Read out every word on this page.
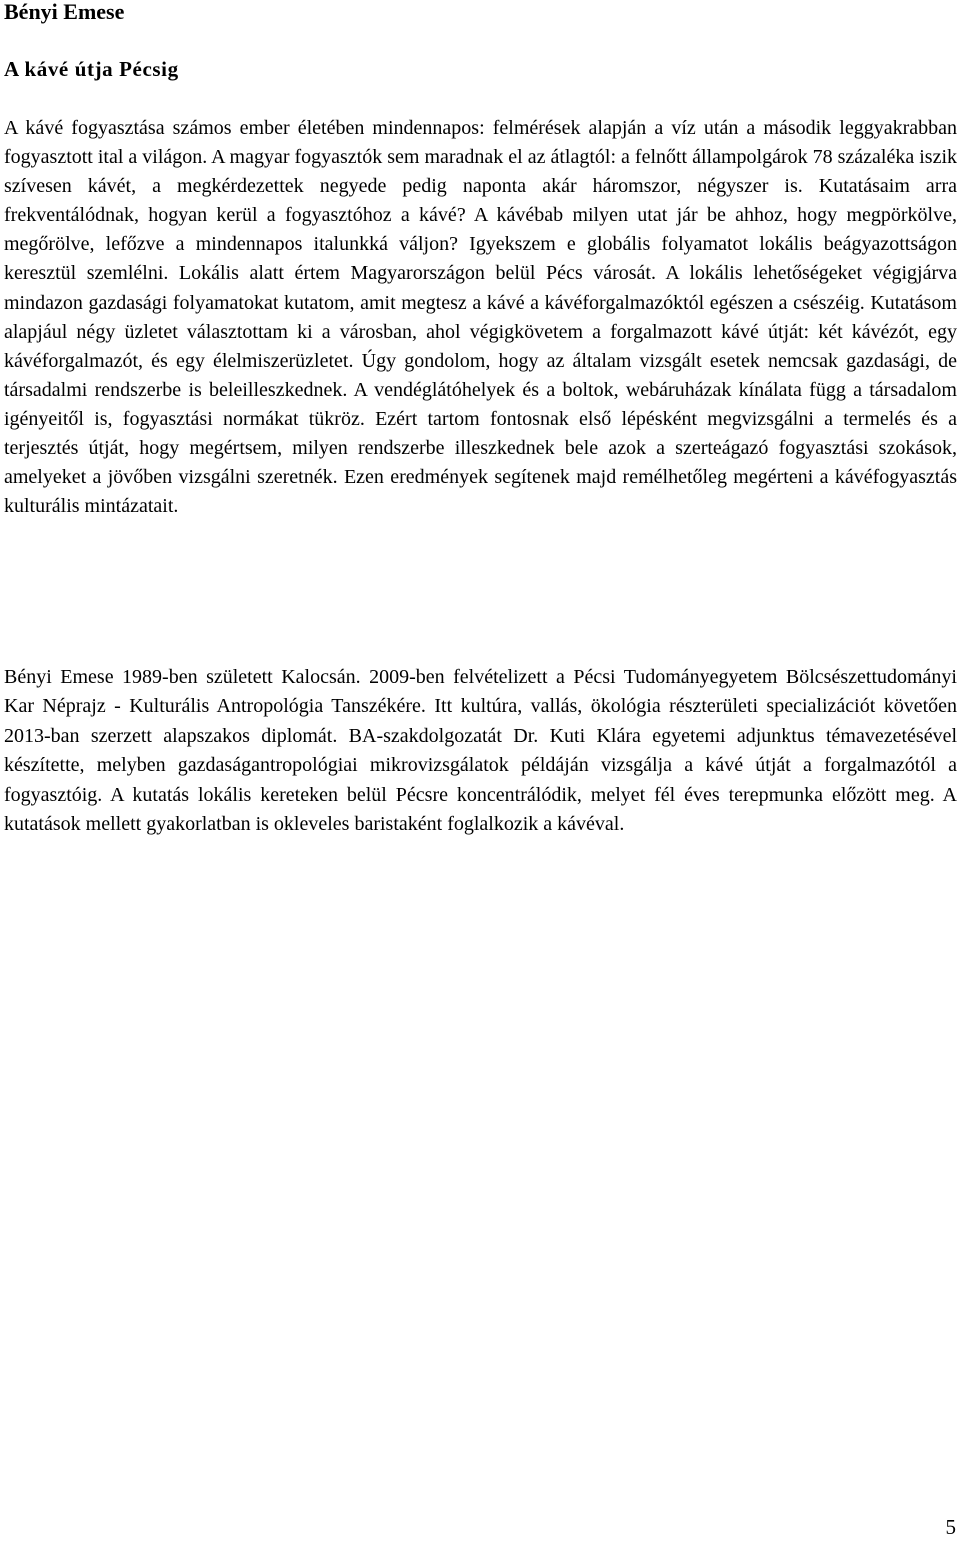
Bényi Emese
A kávé útja Pécsig

A kávé fogyasztása számos ember életében mindennapos: felmérések alapján a víz után a második leggyakrabban fogyasztott ital a világon. A magyar fogyasztók sem maradnak el az átlagtól: a felnőtt állampolgárok 78 százaléka iszik szívesen kávét, a megkérdezettek negyede pedig naponta akár háromszor, négyszer is. Kutatásaim arra frekventálódnak, hogyan kerül a fogyasztóhoz a kávé? A kávébab milyen utat jár be ahhoz, hogy megpörkölve, megőrölve, lefőzve a mindennapos italunkká váljon? Igyekszem e globális folyamatot lokális beágyazottságon keresztül szemlélni. Lokális alatt értem Magyarországon belül Pécs városát. A lokális lehetőségeket végigjárva mindazon gazdasági folyamatokat kutatom, amit megtesz a kávé a kávéforgalmazóktól egészen a csészéig. Kutatásom alapjául négy üzletet választottam ki a városban, ahol végigkövetem a forgalmazott kávé útját: két kávézót, egy kávéforgalmazót, és egy élelmiszerüzletet. Úgy gondolom, hogy az általam vizsgált esetek nemcsak gazdasági, de társadalmi rendszerbe is beleilleszkednek. A vendéglátóhelyek és a boltok, webáruházak kínálata függ a társadalom igényeitől is, fogyasztási normákat tükröz. Ezért tartom fontosnak első lépésként megvizsgálni a termelés és a terjesztés útját, hogy megértsem, milyen rendszerbe illeszkednek bele azok a szerteágazó fogyasztási szokások, amelyeket a jövőben vizsgálni szeretnék. Ezen eredmények segítenek majd remélhetőleg megérteni a kávéfogyasztás kulturális mintázatait.

Bényi Emese 1989-ben született Kalocsán. 2009-ben felvételizett a Pécsi Tudományegyetem Bölcsészettudományi Kar Néprajz - Kulturális Antropológia Tanszékére. Itt kultúra, vallás, ökológia részterületi specializációt követően 2013-ban szerzett alapszakos diplomát. BA-szakdolgozatát Dr. Kuti Klára egyetemi adjunktus témavezetésével készítette, melyben gazdaságantropológiai mikrovizsgálatok példáján vizsgálja a kávé útját a forgalmazótól a fogyasztóig. A kutatás lokális kereteken belül Pécsre koncentrálódik, melyet fél éves terepmunka előzött meg. A kutatások mellett gyakorlatban is okleveles baristaként foglalkozik a kávéval.

5
